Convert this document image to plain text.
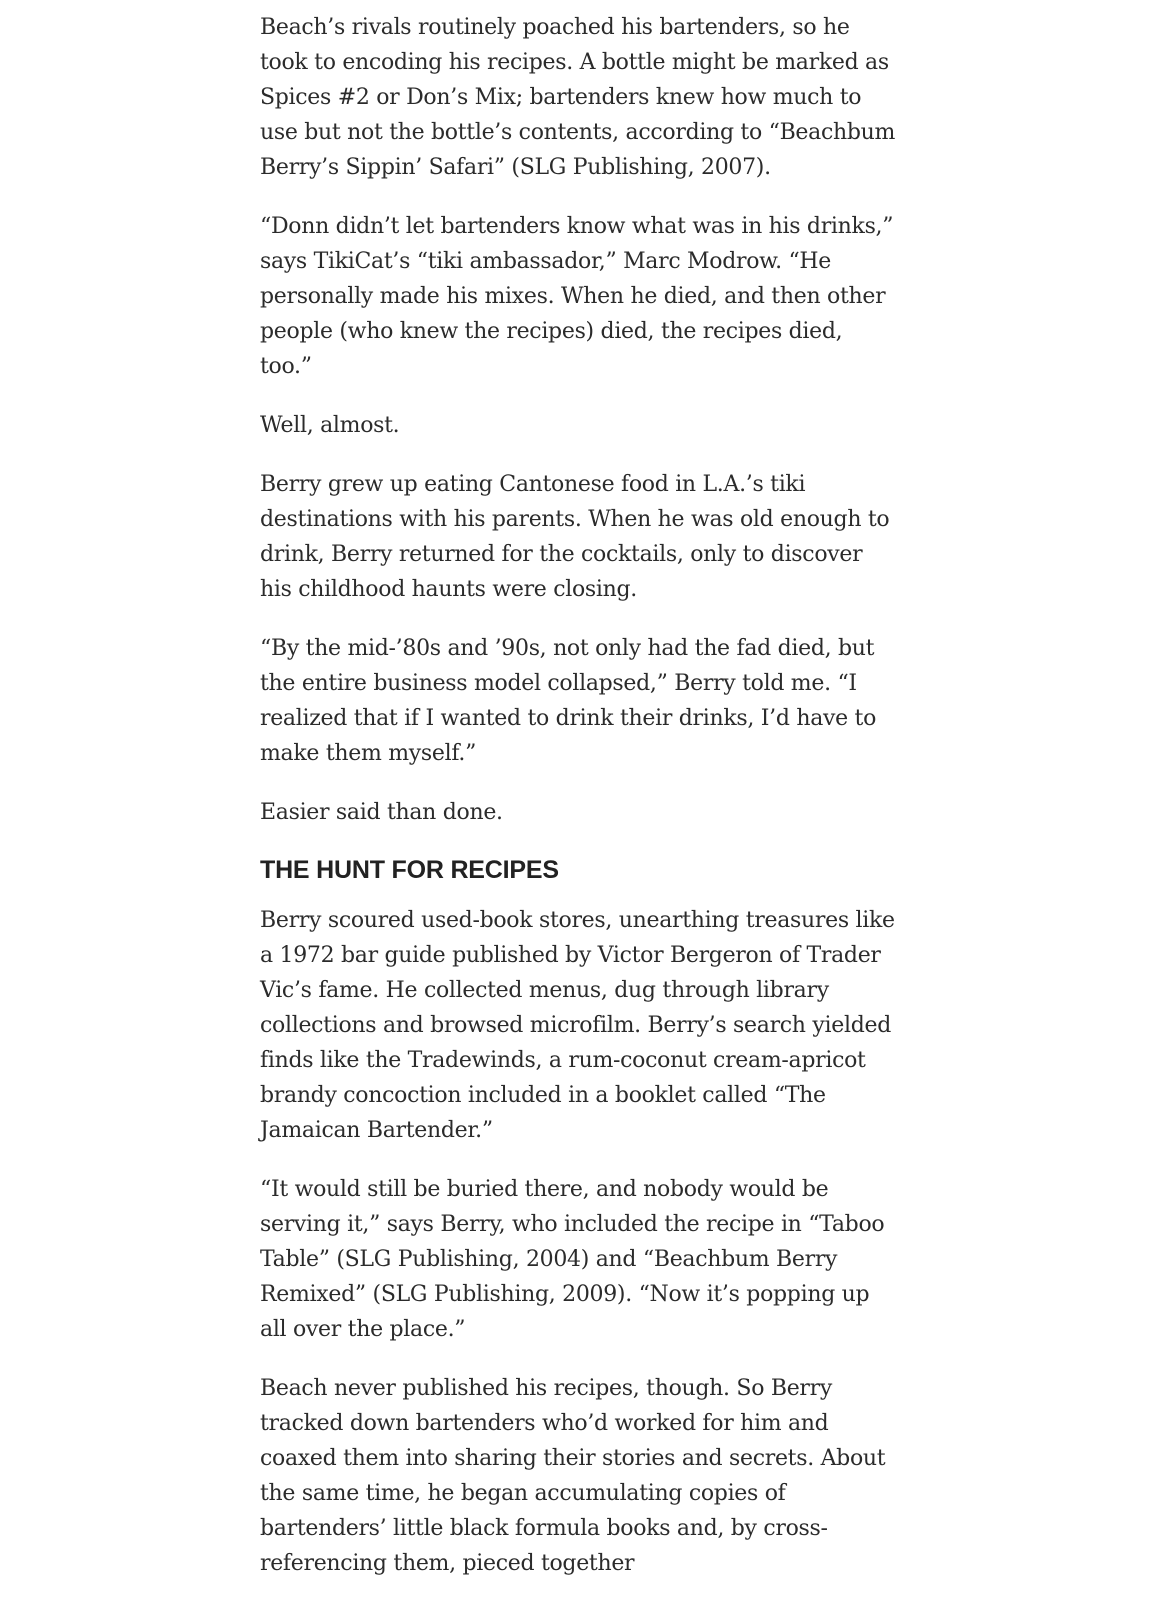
Beach’s rivals routinely poached his bartenders, so he took to encoding his recipes. A bottle might be marked as Spices #2 or Don’s Mix; bartenders knew how much to use but not the bottle’s contents, according to “Beachbum Berry’s Sippin’ Safari” (SLG Publishing, 2007).

“Donn didn’t let bartenders know what was in his drinks,” says TikiCat’s “tiki ambassador,” Marc Modrow. “He personally made his mixes. When he died, and then other people (who knew the recipes) died, the recipes died, too.”

Well, almost.

Berry grew up eating Cantonese food in L.A.’s tiki destinations with his parents. When he was old enough to drink, Berry returned for the cocktails, only to discover his childhood haunts were closing.

“By the mid-’80s and ’90s, not only had the fad died, but the entire business model collapsed,” Berry told me. “I realized that if I wanted to drink their drinks, I’d have to make them myself.”

Easier said than done.

THE HUNT FOR RECIPES

Berry scoured used-book stores, unearthing treasures like a 1972 bar guide published by Victor Bergeron of Trader Vic’s fame. He collected menus, dug through library collections and browsed microfilm. Berry’s search yielded finds like the Tradewinds, a rum-coconut cream-apricot brandy concoction included in a booklet called “The Jamaican Bartender.”

“It would still be buried there, and nobody would be serving it,” says Berry, who included the recipe in “Taboo Table” (SLG Publishing, 2004) and “Beachbum Berry Remixed” (SLG Publishing, 2009). “Now it’s popping up all over the place.”

Beach never published his recipes, though. So Berry tracked down bartenders who’d worked for him and coaxed them into sharing their stories and secrets. About the same time, he began accumulating copies of bartenders’ little black formula books and, by cross-referencing them, pieced together
